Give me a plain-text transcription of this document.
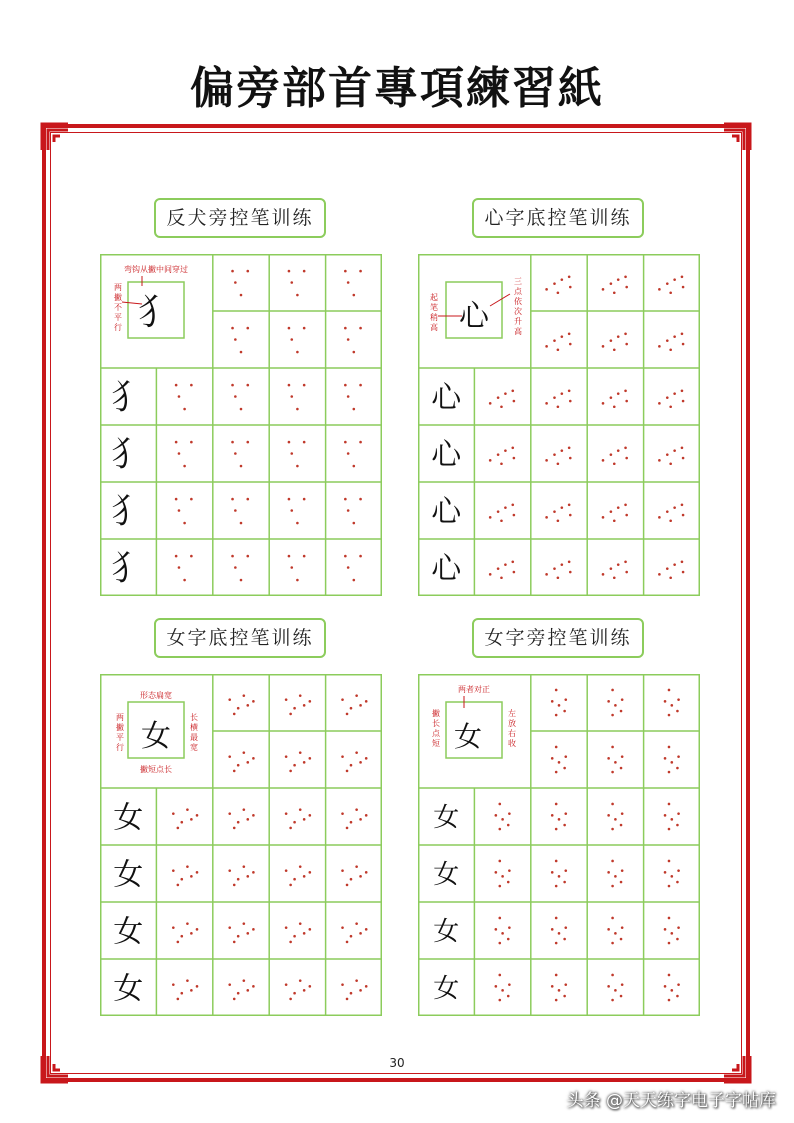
偏旁部首專項練習紙
反犬旁控笔训练
犭
犭
犭
犭
弯钩从撇中间穿过
两撇不平行 犭
心字底控笔训练
心
心
心
心
三点依次升高
起笔稍高 心
女字底控笔训练
女
女
女
女
形态扁宽
两撇平行
长横最宽
撇短点长
女
女字旁控笔训练
女
女
女
女
两者对正
撇长点短
左放右收
女
30
头条 @天天练字电子字帖库
